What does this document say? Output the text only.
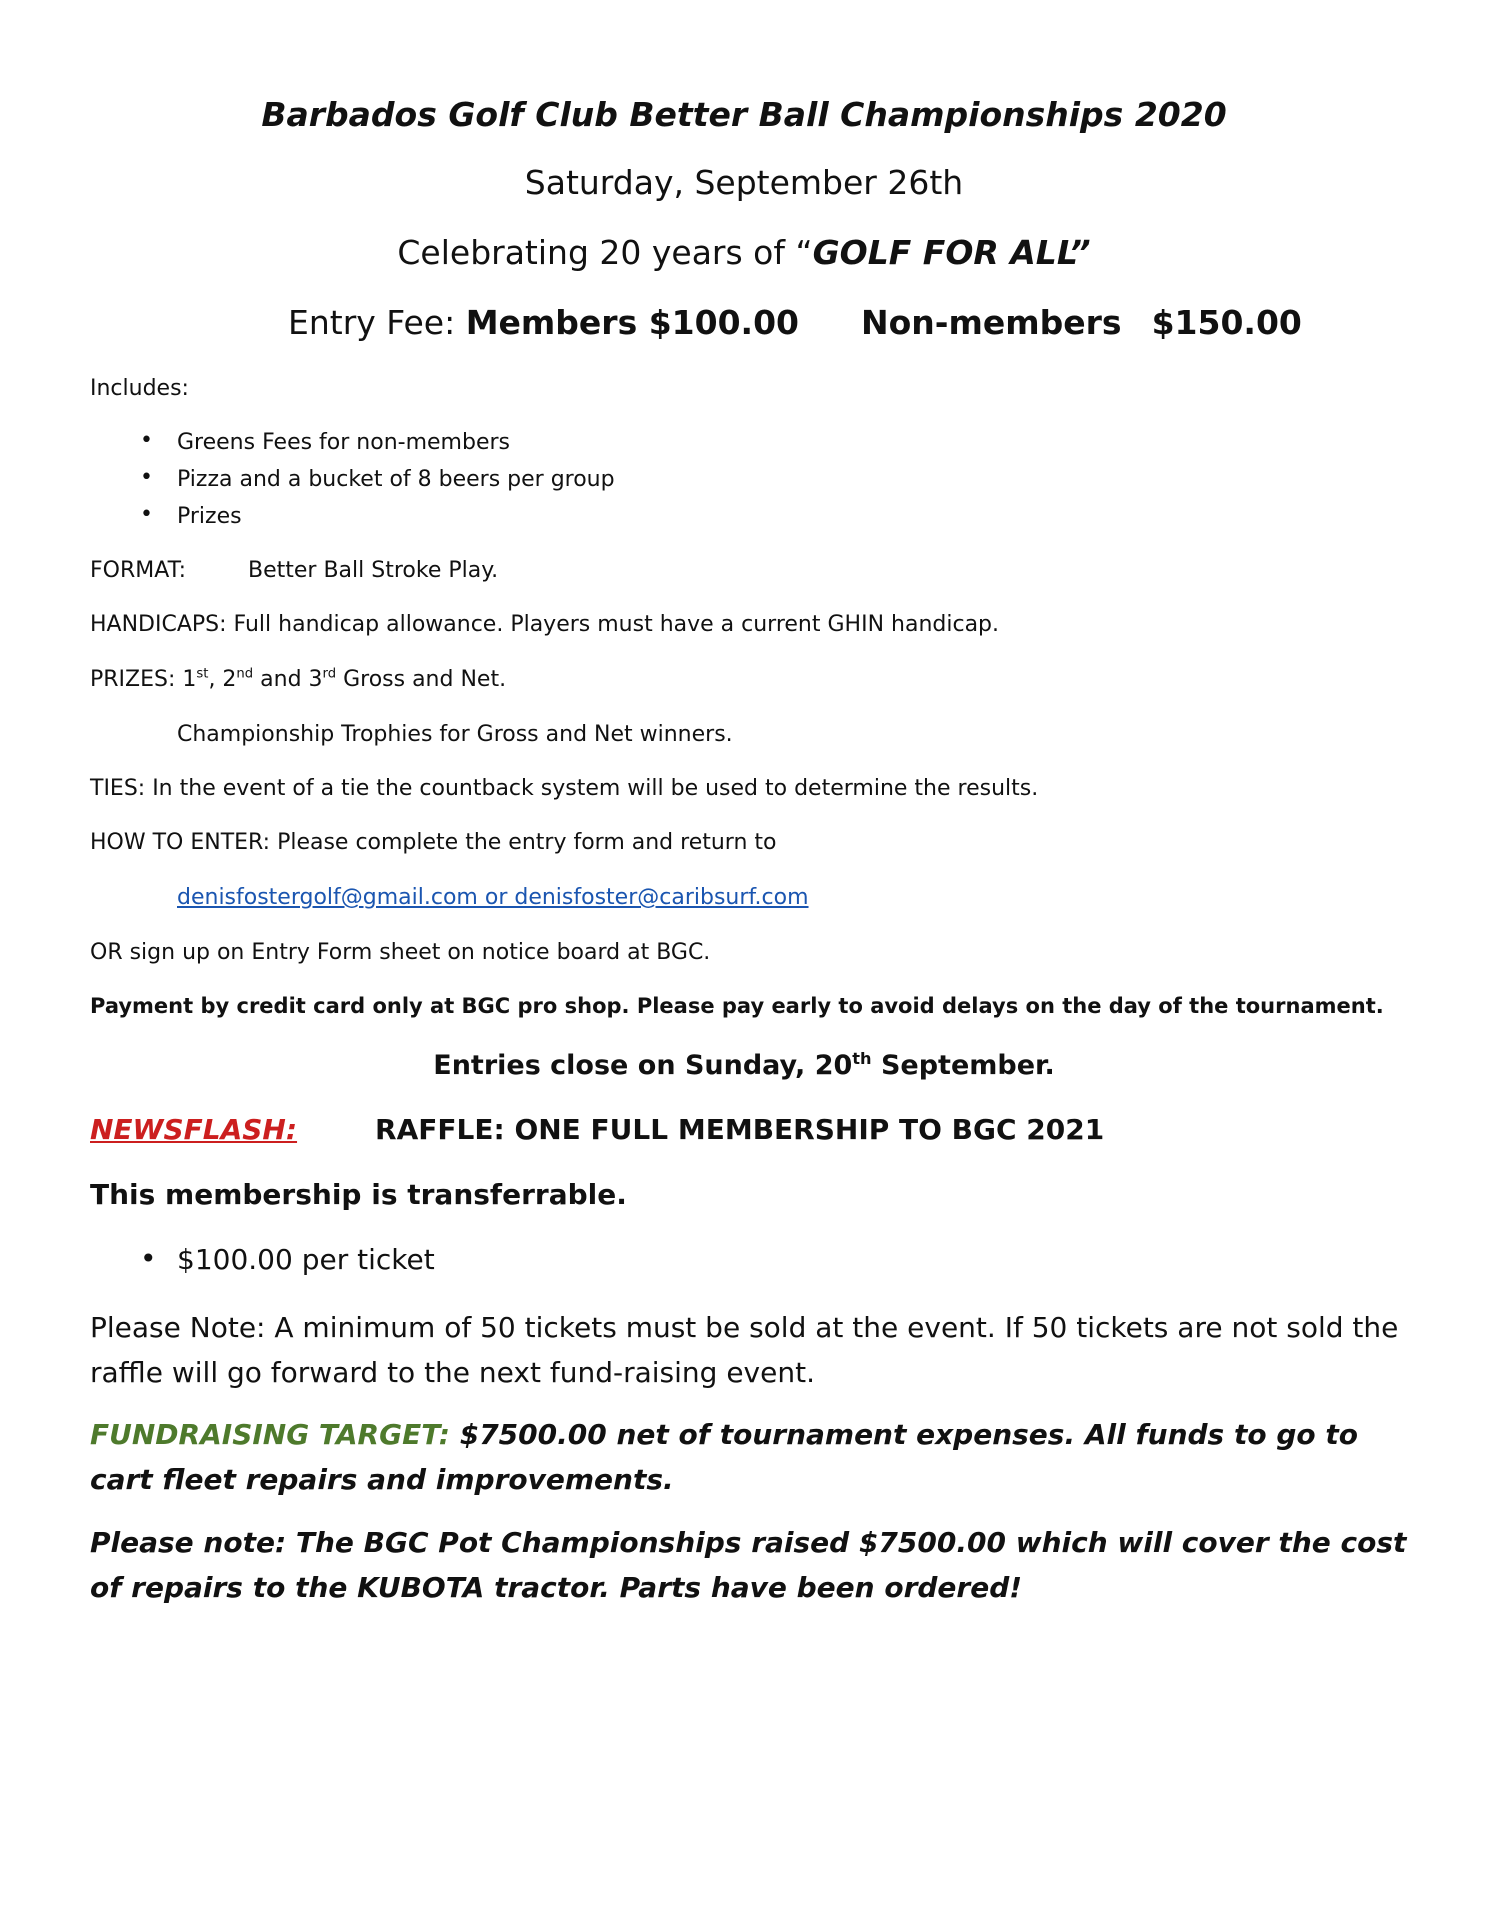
Barbados Golf Club Better Ball Championships 2020
Saturday, September 26th
Celebrating 20 years of “GOLF FOR ALL”
Entry Fee: Members $100.00 Non-members $150.00
Includes:
• Greens Fees for non-members
• Pizza and a bucket of 8 beers per group
• Prizes
FORMAT:	Better Ball Stroke Play.
HANDICAPS: Full handicap allowance. Players must have a current GHIN handicap.
PRIZES: 1st, 2nd and 3rd Gross and Net.
Championship Trophies for Gross and Net winners.
TIES: In the event of a tie the countback system will be used to determine the results.
HOW TO ENTER: Please complete the entry form and return to
denisfostergolf@gmail.com or denisfoster@caribsurf.com
OR sign up on Entry Form sheet on notice board at BGC.
Payment by credit card only at BGC pro shop. Please pay early to avoid delays on the day of the tournament.
Entries close on Sunday, 20th September.
NEWSFLASH:	RAFFLE: ONE FULL MEMBERSHIP TO BGC 2021
This membership is transferrable.
• $100.00 per ticket
Please Note: A minimum of 50 tickets must be sold at the event. If 50 tickets are not sold the raffle will go forward to the next fund-raising event.
FUNDRAISING TARGET: $7500.00 net of tournament expenses. All funds to go to cart fleet repairs and improvements.
Please note: The BGC Pot Championships raised $7500.00 which will cover the cost of repairs to the KUBOTA tractor. Parts have been ordered!
